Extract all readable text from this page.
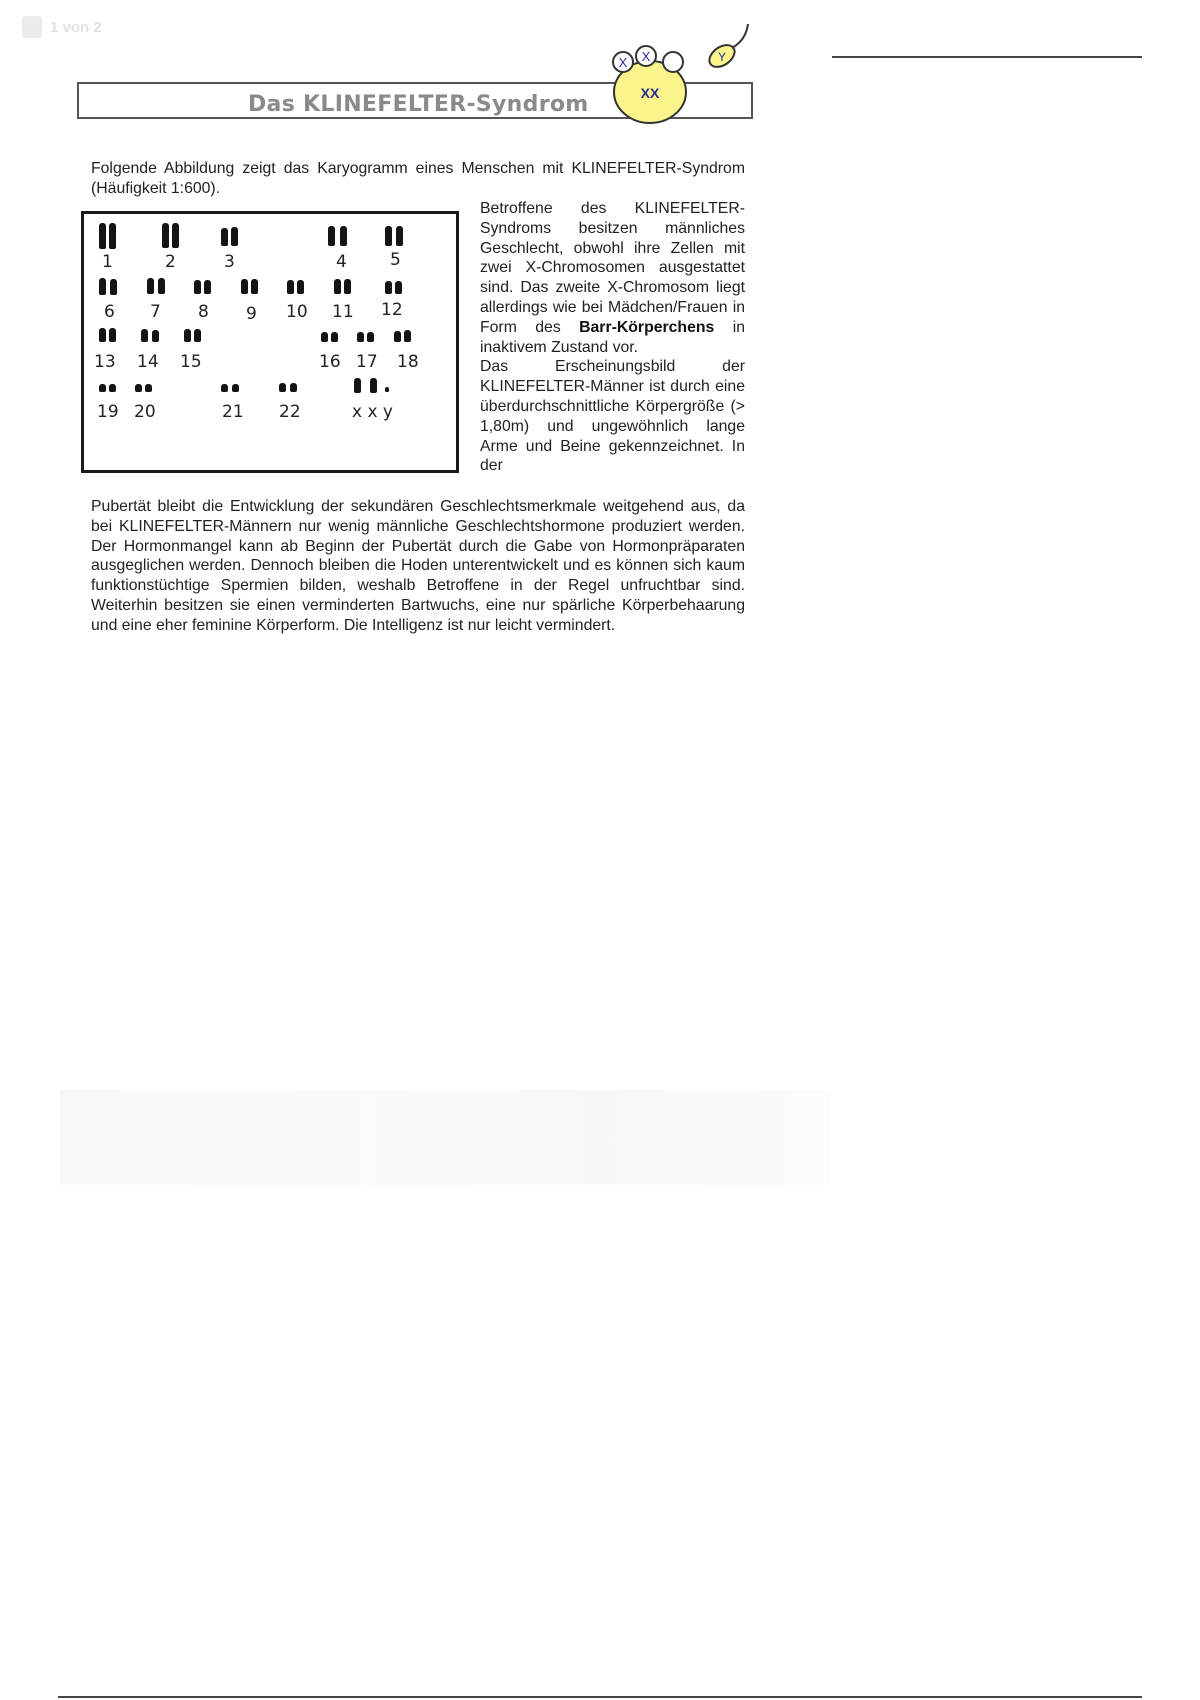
1 von 2
Das KLINEFELTER-Syndrom	XX
X X	Y
Folgende Abbildung zeigt das Karyogramm eines Menschen mit KLINEFELTER-Syndrom (Häufigkeit 1:600).
1	2	3	4	5
6 7 8 9 10 11 12
13 14 15	16 17 18
19 20	21 22	x x y
Betroffene des KLINEFELTER-Syndroms besitzen männliches Geschlecht, obwohl ihre Zellen mit zwei X-Chromosomen ausgestattet sind. Das zweite X-Chromosom liegt allerdings wie bei Mädchen/Frauen in Form des Barr-Körperchens in inaktivem Zustand vor.
Das Erscheinungsbild der KLINEFELTER-Männer ist durch eine überdurchschnittliche Körpergröße (> 1,80m) und ungewöhnlich lange Arme und Beine gekennzeichnet. In der
Pubertät bleibt die Entwicklung der sekundären Geschlechtsmerkmale weitgehend aus, da bei KLINEFELTER-Männern nur wenig männliche Geschlechtshormone produziert werden. Der Hormonmangel kann ab Beginn der Pubertät durch die Gabe von Hormonpräparaten ausgeglichen werden. Dennoch bleiben die Hoden unterentwickelt und es können sich kaum funktionstüchtige Spermien bilden, weshalb Betroffene in der Regel unfruchtbar sind. Weiterhin besitzen sie einen verminderten Bartwuchs, eine nur spärliche Körperbehaarung und eine eher feminine Körperform. Die Intelligenz ist nur leicht vermindert.
